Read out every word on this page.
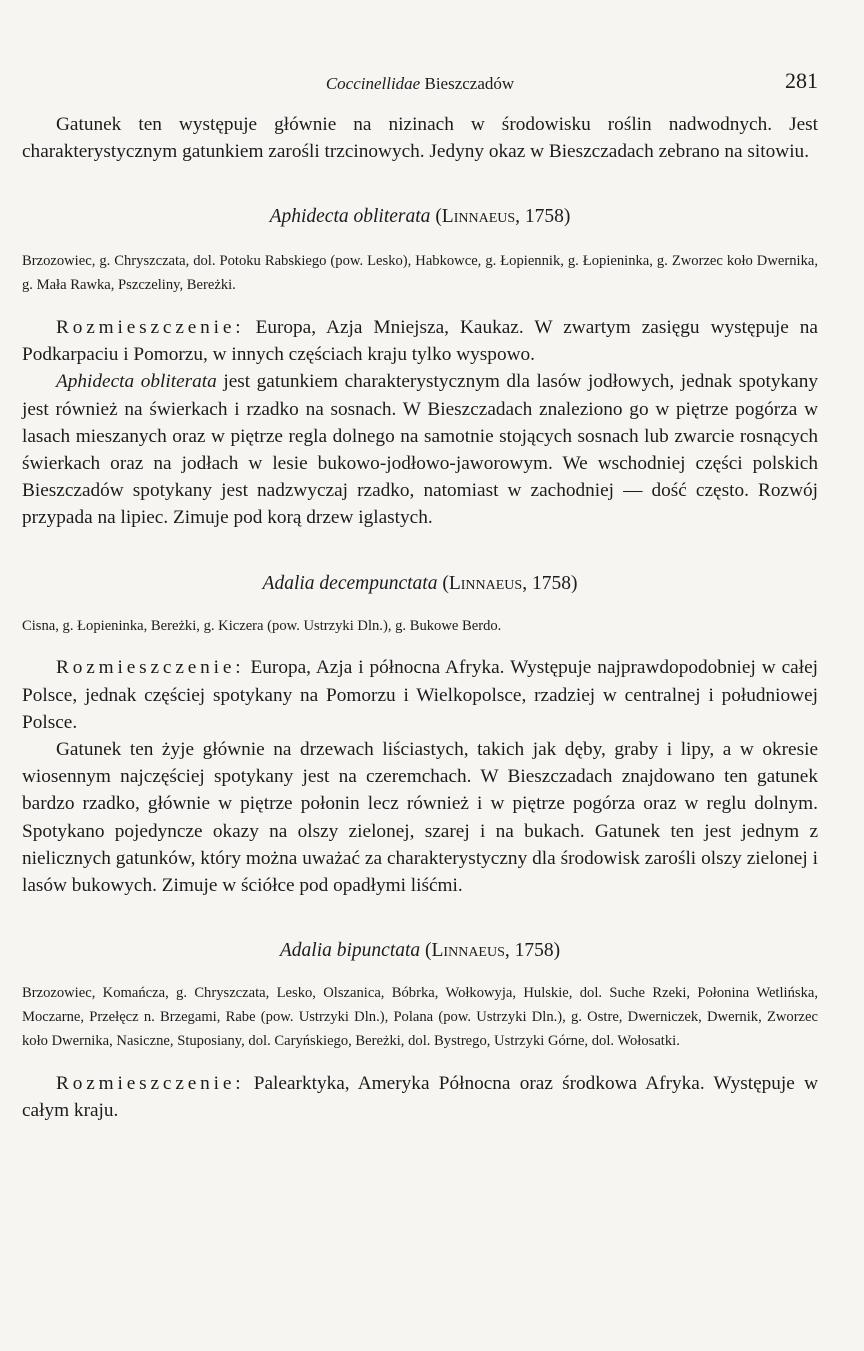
Coccinellidae Bieszczadów	281

Gatunek ten występuje głównie na nizinach w środowisku roślin nadwodnych. Jest charakterystycznym gatunkiem zarośli trzcinowych. Jedyny okaz w Bieszczadach zebrano na sitowiu.

Aphidecta obliterata (Linnaeus, 1758)

Brzozowiec, g. Chryszczata, dol. Potoku Rabskiego (pow. Lesko), Habkowce, g. Łopiennik, g. Łopieninka, g. Zworzec koło Dwernika, g. Mała Rawka, Pszczeliny, Bereżki.

Rozmieszczenie: Europa, Azja Mniejsza, Kaukaz. W zwartym zasięgu występuje na Podkarpaciu i Pomorzu, w innych częściach kraju tylko wyspowo.

Aphidecta obliterata jest gatunkiem charakterystycznym dla lasów jodłowych, jednak spotykany jest również na świerkach i rzadko na sosnach. W Bieszczadach znaleziono go w piętrze pogórza w lasach mieszanych oraz w piętrze regla dolnego na samotnie stojących sosnach lub zwarcie rosnących świerkach oraz na jodłach w lesie bukowo-jodłowo-jaworowym. We wschodniej części polskich Bieszczadów spotykany jest nadzwyczaj rzadko, natomiast w zachodniej — dość często. Rozwój przypada na lipiec. Zimuje pod korą drzew iglastych.

Adalia decempunctata (Linnaeus, 1758)

Cisna, g. Łopieninka, Bereżki, g. Kiczera (pow. Ustrzyki Dln.), g. Bukowe Berdo.

Rozmieszczenie: Europa, Azja i północna Afryka. Występuje najprawdopodobniej w całej Polsce, jednak częściej spotykany na Pomorzu i Wielkopolsce, rzadziej w centralnej i południowej Polsce.

Gatunek ten żyje głównie na drzewach liściastych, takich jak dęby, graby i lipy, a w okresie wiosennym najczęściej spotykany jest na czeremchach. W Bieszczadach znajdowano ten gatunek bardzo rzadko, głównie w piętrze połonin lecz również i w piętrze pogórza oraz w reglu dolnym. Spotykano pojedyncze okazy na olszy zielonej, szarej i na bukach. Gatunek ten jest jednym z nielicznych gatunków, który można uważać za charakterystyczny dla środowisk zarośli olszy zielonej i lasów bukowych. Zimuje w ściółce pod opadłymi liśćmi.

Adalia bipunctata (Linnaeus, 1758)

Brzozowiec, Komańcza, g. Chryszczata, Lesko, Olszanica, Bóbrka, Wołkowyja, Hulskie, dol. Suche Rzeki, Połonina Wetlińska, Moczarne, Przełęcz n. Brzegami, Rabe (pow. Ustrzyki Dln.), Polana (pow. Ustrzyki Dln.), g. Ostre, Dwerniczek, Dwernik, Zworzec koło Dwernika, Nasiczne, Stuposiany, dol. Caryńskiego, Bereżki, dol. Bystrego, Ustrzyki Górne, dol. Wołosatki.

Rozmieszczenie: Palearktyka, Ameryka Północna oraz środkowa Afryka. Występuje w całym kraju.
